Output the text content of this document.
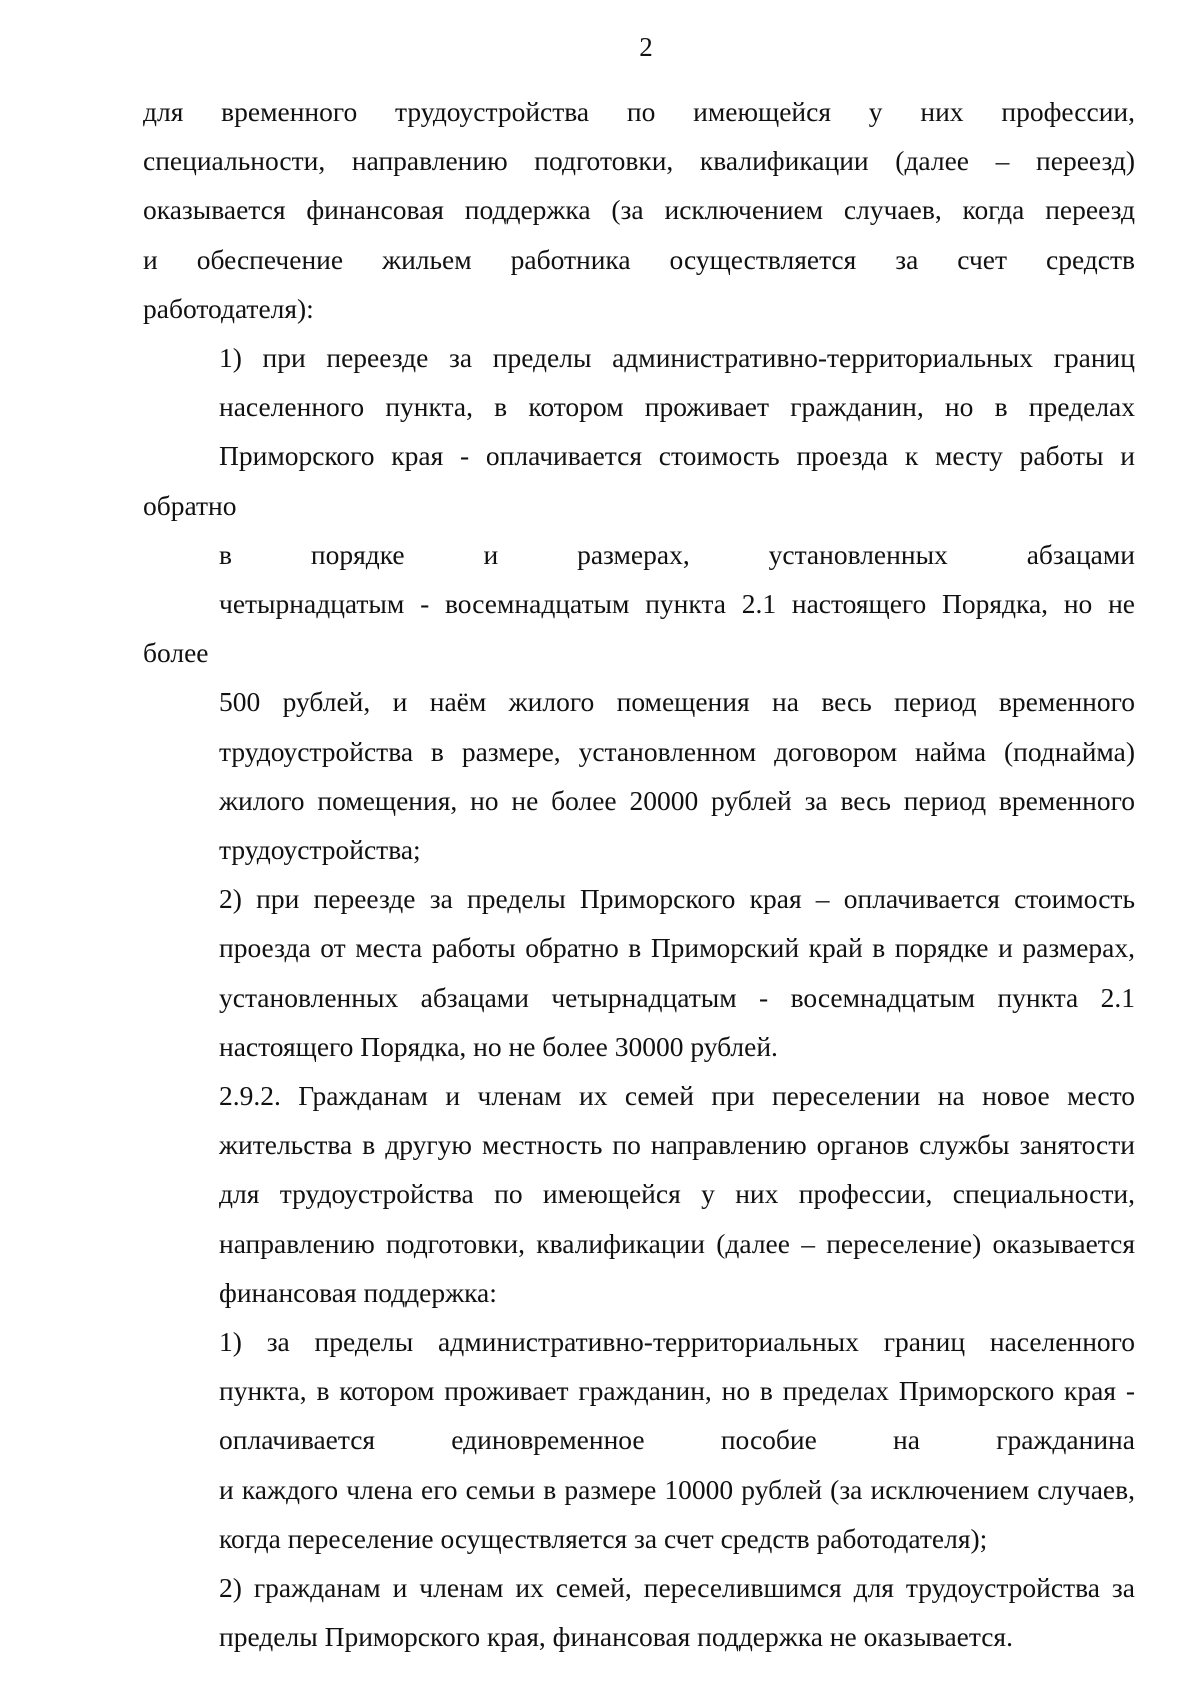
2
для временного трудоустройства по имеющейся у них профессии,
специальности, направлению подготовки, квалификации (далее – переезд)
оказывается финансовая поддержка (за исключением случаев, когда переезд
и обеспечение жильем работника осуществляется за счет средств
работодателя):
1) при переезде за пределы административно-территориальных границ
населенного пункта, в котором проживает гражданин, но в пределах
Приморского края - оплачивается стоимость проезда к месту работы и обратно
в порядке и размерах, установленных абзацами
четырнадцатым - восемнадцатым пункта 2.1 настоящего Порядка, но не более
500 рублей, и наём жилого помещения на весь период временного
трудоустройства в размере, установленном договором найма (поднайма)
жилого помещения, но не более 20000 рублей за весь период временного
трудоустройства;
2) при переезде за пределы Приморского края – оплачивается стоимость
проезда от места работы обратно в Приморский край в порядке и размерах,
установленных абзацами четырнадцатым - восемнадцатым пункта 2.1
настоящего Порядка, но не более 30000 рублей.
2.9.2. Гражданам и членам их семей при переселении на новое место
жительства в другую местность по направлению органов службы занятости
для трудоустройства по имеющейся у них профессии, специальности,
направлению подготовки, квалификации (далее – переселение) оказывается
финансовая поддержка:
1) за пределы административно-территориальных границ населенного
пункта, в котором проживает гражданин, но в пределах Приморского края -
оплачивается единовременное пособие на гражданина
и каждого члена его семьи в размере 10000 рублей (за исключением случаев,
когда переселение осуществляется за счет средств работодателя);
2) гражданам и членам их семей, переселившимся для трудоустройства за
пределы Приморского края, финансовая поддержка не оказывается.
